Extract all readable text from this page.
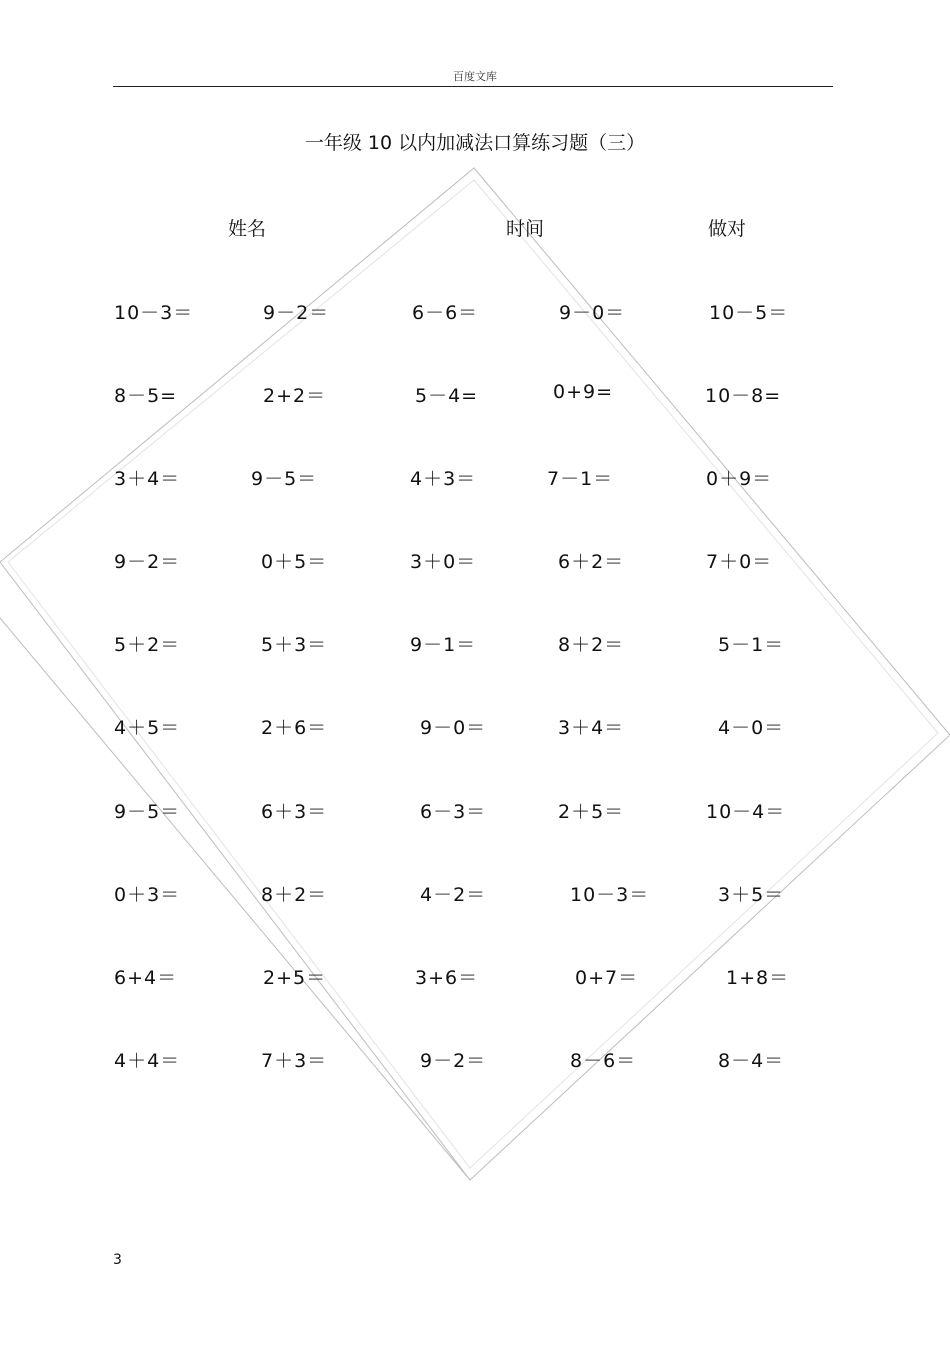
百度文库
一年级 10 以内加减法口算练习题（三）
姓名	时间	做对
10－3＝	9－2＝	6－6＝	9－0＝	10－5＝
8－5=	2+2＝	5－4=	0+9=	10－8=
3＋4＝	9－5＝	4＋3＝	7－1＝	0＋9＝
9－2＝	0＋5＝	3＋0＝	6＋2＝	7＋0＝
5＋2＝	5＋3＝	9－1＝	8＋2＝	5－1＝
4＋5＝	2＋6＝	9－0＝	3＋4＝	4－0＝
9－5＝	6＋3＝	6－3＝	2＋5＝	10－4＝
0＋3＝	8＋2＝	4－2＝	10－3＝	3＋5＝
6+4＝	2+5＝	3+6＝	0+7＝	1+8＝
4＋4＝	7＋3＝	9－2＝	8－6＝	8－4＝
3
